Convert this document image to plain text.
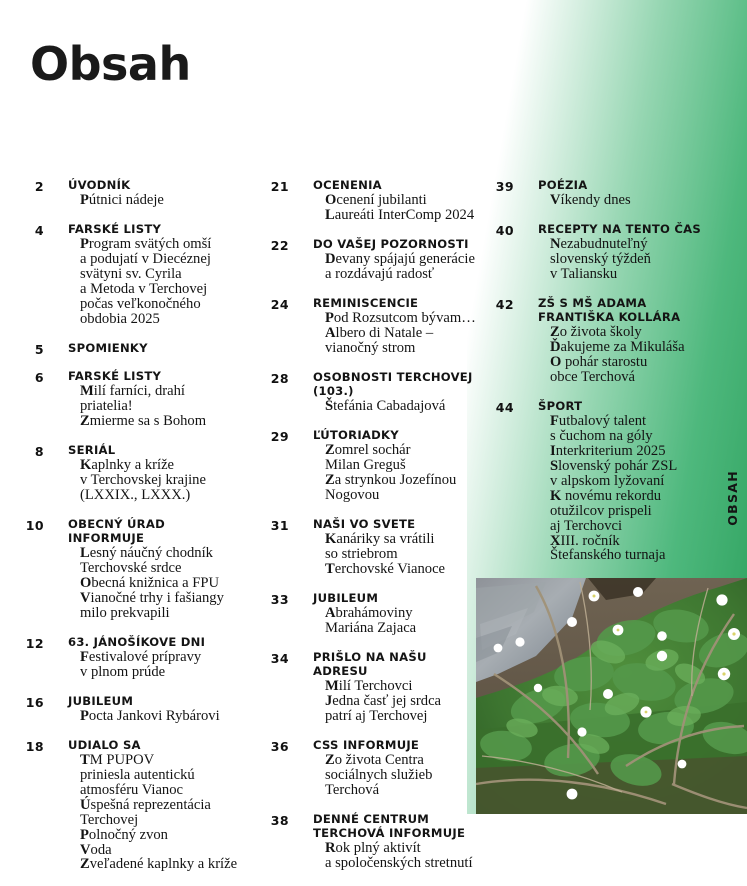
Obsah
OBSAH
2 ÚVODNÍK
Pútnici nádeje
4 FARSKÉ LISTY
Program svätých omší
a podujatí v Diecéznej
svätyni sv. Cyrila
a Metoda v Terchovej
počas veľkonočného
obdobia 2025
5 SPOMIENKY
6 FARSKÉ LISTY
Milí farníci, drahí
priatelia!
Zmierme sa s Bohom
8 SERIÁL
Kaplnky a kríže
v Terchovskej krajine
(LXXIX., LXXX.)
10 OBECNÝ ÚRAD INFORMUJE
Lesný náučný chodník
Terchovské srdce
Obecná knižnica a FPU
Vianočné trhy i fašiangy
milo prekvapili
12 63. JÁNOŠÍKOVE DNI
Festivalové prípravy
v plnom prúde
16 JUBILEUM
Pocta Jankovi Rybárovi
18 UDIALO SA
TM PUPOV
priniesla autentickú
atmosféru Vianoc
Úspešná reprezentácia
Terchovej
Polnočný zvon
Voda
Zveľadené kaplnky a kríže
21 OCENENIA
Ocenení jubilanti
Laureáti InterComp 2024
22 DO VAŠEJ POZORNOSTI
Devany spájajú generácie
a rozdávajú radosť
24 REMINISCENCIE
Pod Rozsutcom bývam…
Albero di Natale –
vianočný strom
28 OSOBNOSTI TERCHOVEJ (103.)
Štefánia Cabadajová
29 ĽÚTORIADKY
Zomrel sochár
Milan Greguš
Za strynkou Jozefínou
Nogovou
31 NAŠI VO SVETE
Kanáriky sa vrátili
so striebrom
Terchovské Vianoce
33 JUBILEUM
Abrahámoviny
Mariána Zajaca
34 PRIŠLO NA NAŠU ADRESU
Milí Terchovci
Jedna časť jej srdca
patrí aj Terchovej
36 CSS INFORMUJE
Zo života Centra
sociálnych služieb
Terchová
38 DENNÉ CENTRUM
TERCHOVÁ INFORMUJE
Rok plný aktivít
a spoločenských stretnutí
39 POÉZIA
Víkendy dnes
40 RECEPTY NA TENTO ČAS
Nezabudnuteľný
slovenský týždeň
v Taliansku
42 ZŠ S MŠ ADAMA
FRANTIŠKA KOLLÁRA
Zo života školy
Ďakujeme za Mikuláša
O pohár starostu
obce Terchová
44 ŠPORT
Futbalový talent
s čuchom na góly
Interkriterium 2025
Slovenský pohár ZSL
v alpskom lyžovaní
K novému rekordu
otužilcov prispeli
aj Terchovci
XIII. ročník
Štefanského turnaja
